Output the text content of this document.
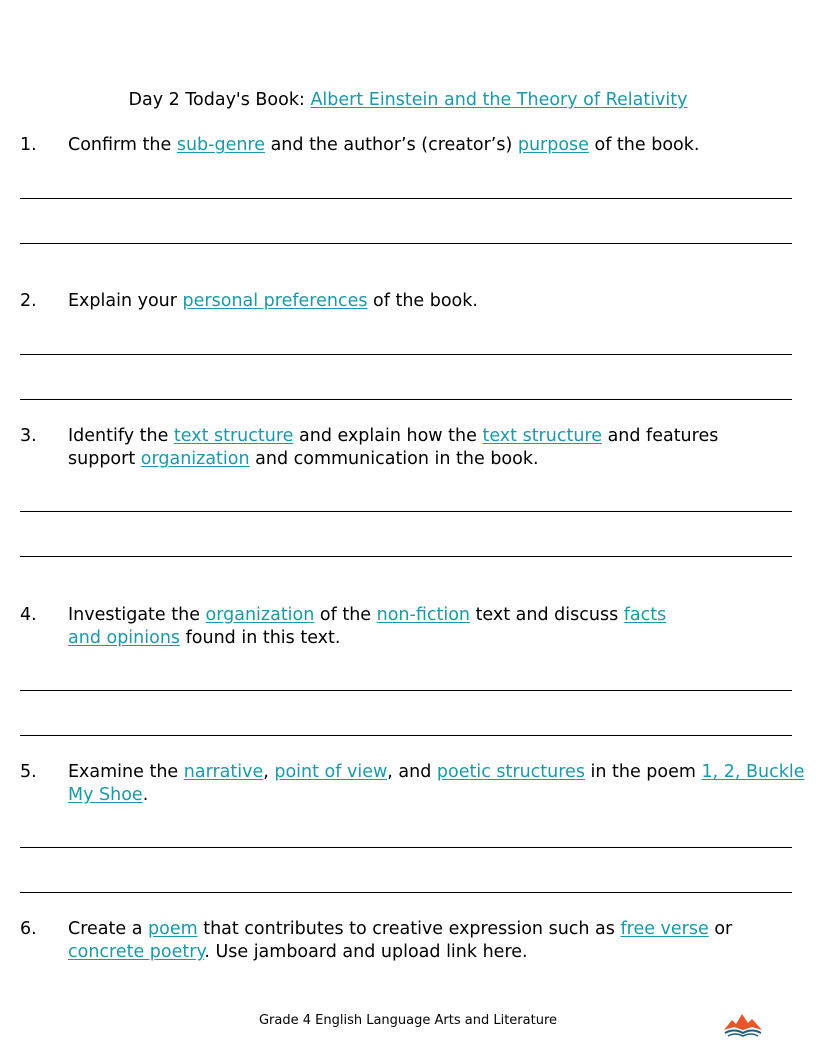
Day 2 Today's Book: Albert Einstein and the Theory of Relativity
1. Confirm the sub-genre and the author’s (creator’s) purpose of the book.
2. Explain your personal preferences of the book.
3. Identify the text structure and explain how the text structure and features
support organization and communication in the book.
4. Investigate the organization of the non-fiction text and discuss facts
and opinions found in this text.
5. Examine the narrative, point of view, and poetic structures in the poem 1, 2, Buckle
My Shoe.
6. Create a poem that contributes to creative expression such as free verse or
concrete poetry. Use jamboard and upload link here.
Grade 4 English Language Arts and Literature
